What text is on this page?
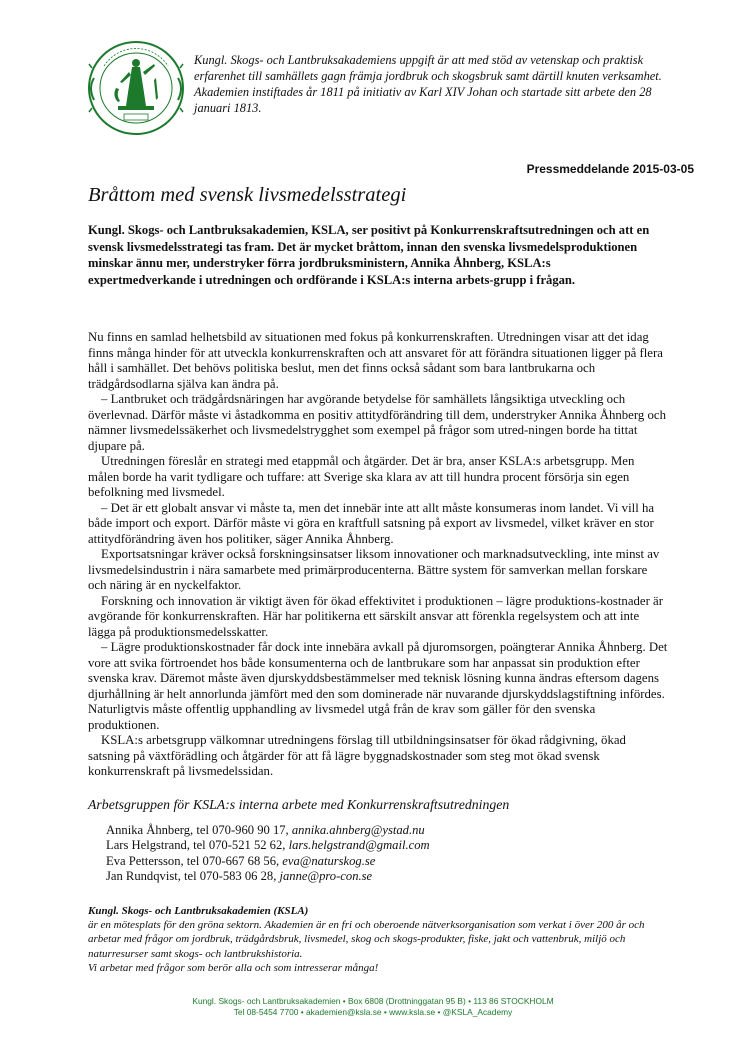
Kungl. Skogs- och Lantbruksakademiens uppgift är att med stöd av vetenskap och praktisk erfarenhet till samhällets gagn främja jordbruk och skogsbruk samt därtill knuten verksamhet. Akademien instiftades år 1811 på initiativ av Karl XIV Johan och startade sitt arbete den 28 januari 1813.
Pressmeddelande 2015-03-05
Bråttom med svensk livsmedelsstrategi
Kungl. Skogs- och Lantbruksakademien, KSLA, ser positivt på Konkurrenskraftsutredningen och att en svensk livsmedelsstrategi tas fram. Det är mycket bråttom, innan den svenska livsmedelsproduktionen minskar ännu mer, understryker förra jordbruksministern, Annika Åhnberg, KSLA:s expertmedverkande i utredningen och ordförande i KSLA:s interna arbets-grupp i frågan.

Nu finns en samlad helhetsbild av situationen med fokus på konkurrenskraften. Utredningen visar att det idag finns många hinder för att utveckla konkurrenskraften och att ansvaret för att förändra situationen ligger på flera håll i samhället. Det behövs politiska beslut, men det finns också sådant som bara lantbrukarna och trädgårdsodlarna själva kan ändra på.

– Lantbruket och trädgårdsnäringen har avgörande betydelse för samhällets långsiktiga utveckling och överlevnad. Därför måste vi åstadkomma en positiv attitydförändring till dem, understryker Annika Åhnberg och nämner livsmedelssäkerhet och livsmedelstrygghet som exempel på frågor som utred-ningen borde ha tittat djupare på.

Utredningen föreslår en strategi med etappmål och åtgärder. Det är bra, anser KSLA:s arbetsgrupp. Men målen borde ha varit tydligare och tuffare: att Sverige ska klara av att till hundra procent försörja sin egen befolkning med livsmedel.

– Det är ett globalt ansvar vi måste ta, men det innebär inte att allt måste konsumeras inom landet. Vi vill ha både import och export. Därför måste vi göra en kraftfull satsning på export av livsmedel, vilket kräver en stor attitydförändring även hos politiker, säger Annika Åhnberg.

Exportsatsningar kräver också forskningsinsatser liksom innovationer och marknadsutveckling, inte minst av livsmedelsindustrin i nära samarbete med primärproducenterna. Bättre system för samverkan mellan forskare och näring är en nyckelfaktor.

Forskning och innovation är viktigt även för ökad effektivitet i produktionen – lägre produktions-kostnader är avgörande för konkurrenskraften. Här har politikerna ett särskilt ansvar att förenkla regelsystem och att inte lägga på produktionsmedelsskatter.

– Lägre produktionskostnader får dock inte innebära avkall på djuromsorgen, poängterar Annika Åhnberg. Det vore att svika förtroendet hos både konsumenterna och de lantbrukare som har anpassat sin produktion efter svenska krav. Däremot måste även djurskyddsbestämmelser med teknisk lösning kunna ändras eftersom dagens djurhållning är helt annorlunda jämfört med den som dominerade när nuvarande djurskyddslagstiftning infördes. Naturligtvis måste offentlig upphandling av livsmedel utgå från de krav som gäller för den svenska produktionen.

KSLA:s arbetsgrupp välkomnar utredningens förslag till utbildningsinsatser för ökad rådgivning, ökad satsning på växtförädling och åtgärder för att få lägre byggnadskostnader som steg mot ökad svensk konkurrenskraft på livsmedelssidan.

Arbetsgruppen för KSLA:s interna arbete med Konkurrenskraftsutredningen
Annika Åhnberg, tel 070-960 90 17, annika.ahnberg@ystad.nu
Lars Helgstrand, tel 070-521 52 62, lars.helgstrand@gmail.com
Eva Pettersson, tel 070-667 68 56, eva@naturskog.se
Jan Rundqvist, tel 070-583 06 28, janne@pro-con.se
Kungl. Skogs- och Lantbruksakademien (KSLA)
är en mötesplats för den gröna sektorn. Akademien är en fri och oberoende nätverksorganisation som verkat i över 200 år och arbetar med frågor om jordbruk, trädgårdsbruk, livsmedel, skog och skogs-produkter, fiske, jakt och vattenbruk, miljö och naturresurser samt skogs- och lantbrukshistoria.
Vi arbetar med frågor som berör alla och som intresserar många!
Kungl. Skogs- och Lantbruksakademien • Box 6808 (Drottninggatan 95 B) • 113 86 STOCKHOLM
Tel 08-5454 7700 • akademien@ksla.se • www.ksla.se • @KSLA_Academy
